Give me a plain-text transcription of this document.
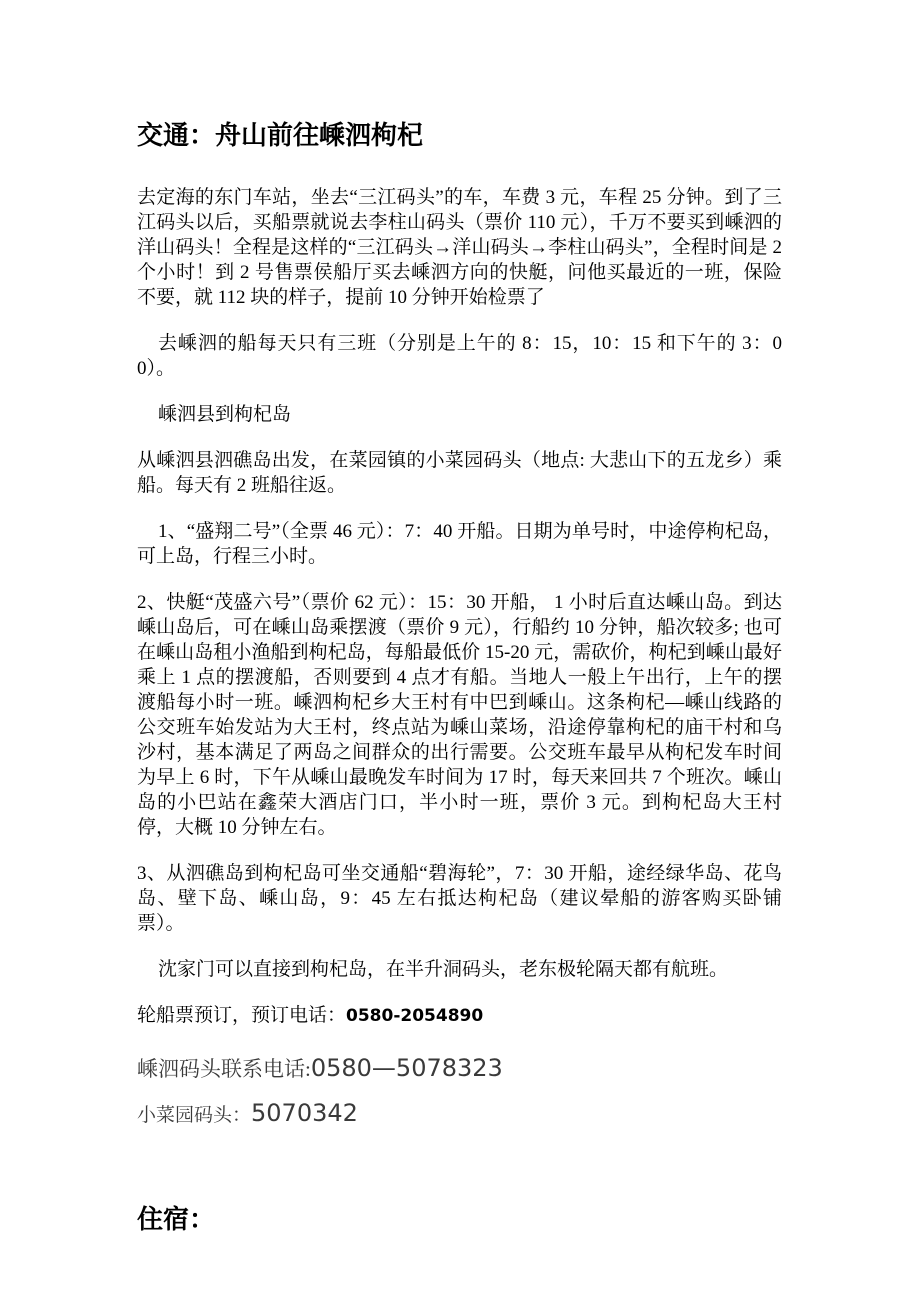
交通：舟山前往嵊泗枸杞

去定海的东门车站，坐去“三江码头”的车，车费 3 元，车程 25 分钟。到了三江码头以后，买船票就说去李柱山码头（票价 110 元），千万不要买到嵊泗的洋山码头！全程是这样的“三江码头→洋山码头→李柱山码头”，全程时间是 2 个小时！到 2 号售票侯船厅买去嵊泗方向的快艇，问他买最近的一班，保险不要，就 112 块的样子，提前 10 分钟开始检票了

去嵊泗的船每天只有三班（分别是上午的 8：15，10：15 和下午的 3：00）。

嵊泗县到枸杞岛

从嵊泗县泗礁岛出发，在菜园镇的小菜园码头（地点: 大悲山下的五龙乡）乘船。每天有 2 班船往返。

1、“盛翔二号”（全票 46 元）：7：40 开船。日期为单号时，中途停枸杞岛，可上岛，行程三小时。

2、快艇“茂盛六号”（票价 62 元）：15：30 开船， 1 小时后直达嵊山岛。到达嵊山岛后，可在嵊山岛乘摆渡（票价 9 元），行船约 10 分钟，船次较多; 也可在嵊山岛租小渔船到枸杞岛，每船最低价 15-20 元，需砍价，枸杞到嵊山最好乘上 1 点的摆渡船，否则要到 4 点才有船。当地人一般上午出行，上午的摆渡船每小时一班。嵊泗枸杞乡大王村有中巴到嵊山。这条枸杞—嵊山线路的公交班车始发站为大王村，终点站为嵊山菜场，沿途停靠枸杞的庙干村和乌沙村，基本满足了两岛之间群众的出行需要。公交班车最早从枸杞发车时间为早上 6 时，下午从嵊山最晚发车时间为 17 时，每天来回共 7 个班次。嵊山岛的小巴站在鑫荣大酒店门口，半小时一班，票价 3 元。到枸杞岛大王村停，大概 10 分钟左右。

3、从泗礁岛到枸杞岛可坐交通船“碧海轮”，7：30 开船，途经绿华岛、花鸟岛、壁下岛、嵊山岛，9：45 左右抵达枸杞岛（建议晕船的游客购买卧铺票）。

沈家门可以直接到枸杞岛，在半升洞码头，老东极轮隔天都有航班。

轮船票预订，预订电话：0580-2054890

嵊泗码头联系电话:0580—5078323

小菜园码头：5070342

住宿：
